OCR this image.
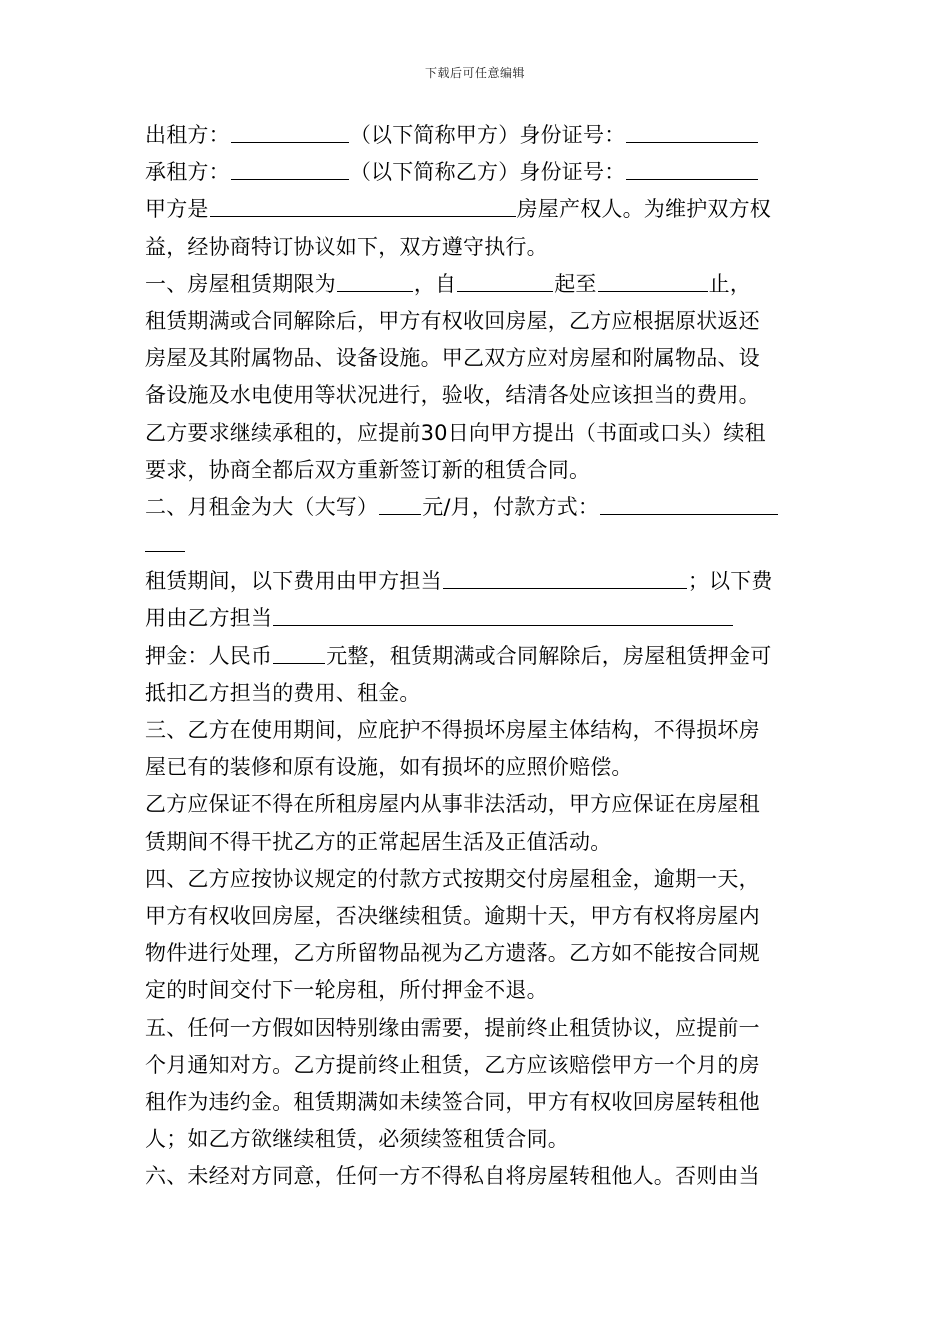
下载后可任意编辑
出租方：	（以下简称甲方）身份证号：
承租方：	（以下简称乙方）身份证号：
甲方是	房屋产权人。为维护双方权
益，经协商特订协议如下，双方遵守执行。
一、房屋租赁期限为	，自	起至	止，
租赁期满或合同解除后，甲方有权收回房屋，乙方应根据原状返还
房屋及其附属物品、设备设施。甲乙双方应对房屋和附属物品、设
备设施及水电使用等状况进行，验收，结清各处应该担当的费用。
乙方要求继续承租的，应提前30日向甲方提出（书面或口头）续租
要求，协商全都后双方重新签订新的租赁合同。
二、月租金为大（大写） 元/月，付款方式：
租赁期间，以下费用由甲方担当	；以下费
用由乙方担当
押金：人民币	元整，租赁期满或合同解除后，房屋租赁押金可
抵扣乙方担当的费用、租金。
三、乙方在使用期间，应庇护不得损坏房屋主体结构，不得损坏房
屋已有的装修和原有设施，如有损坏的应照价赔偿。
乙方应保证不得在所租房屋内从事非法活动，甲方应保证在房屋租
赁期间不得干扰乙方的正常起居生活及正值活动。
四、乙方应按协议规定的付款方式按期交付房屋租金，逾期一天，
甲方有权收回房屋，否决继续租赁。逾期十天，甲方有权将房屋内
物件进行处理，乙方所留物品视为乙方遗落。乙方如不能按合同规
定的时间交付下一轮房租，所付押金不退。
五、任何一方假如因特别缘由需要，提前终止租赁协议，应提前一
个月通知对方。乙方提前终止租赁，乙方应该赔偿甲方一个月的房
租作为违约金。租赁期满如未续签合同，甲方有权收回房屋转租他
人；如乙方欲继续租赁，必须续签租赁合同。
六、未经对方同意，任何一方不得私自将房屋转租他人。否则由当
